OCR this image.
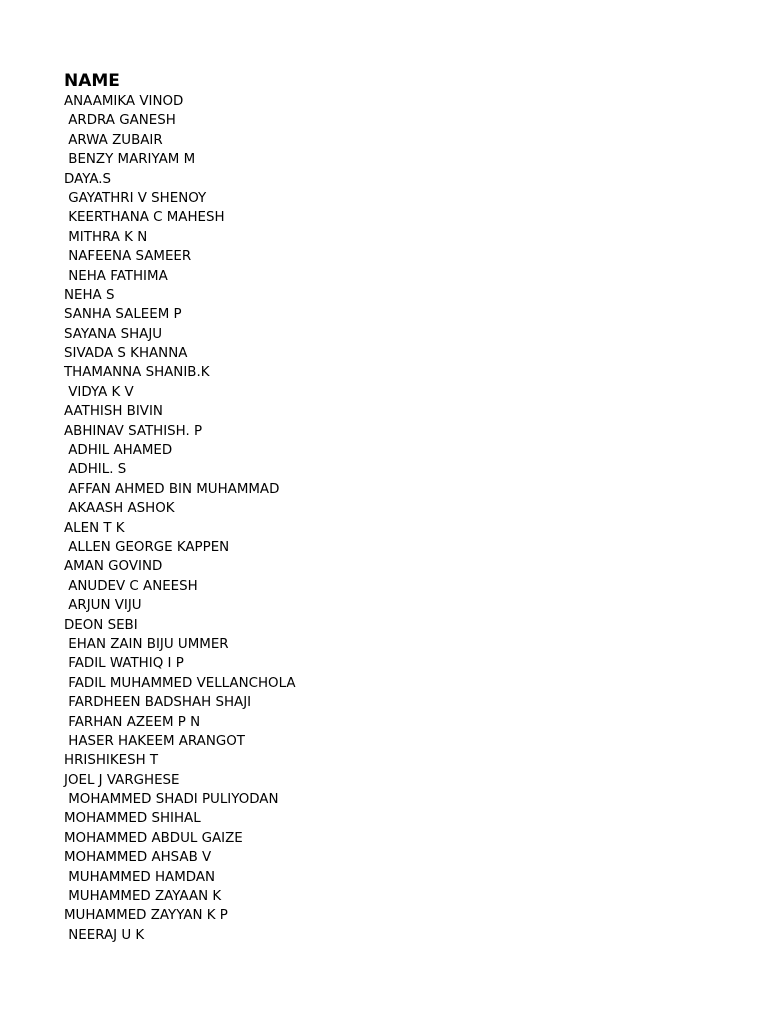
NAME
ANAAMIKA VINOD
ARDRA GANESH
ARWA ZUBAIR
BENZY MARIYAM M
DAYA.S
GAYATHRI V SHENOY
KEERTHANA C MAHESH
MITHRA K N
NAFEENA SAMEER
NEHA FATHIMA
NEHA S
SANHA SALEEM P
SAYANA SHAJU
SIVADA S KHANNA
THAMANNA SHANIB.K
VIDYA K V
AATHISH BIVIN
ABHINAV SATHISH. P
ADHIL AHAMED
ADHIL. S
AFFAN AHMED BIN MUHAMMAD
AKAASH ASHOK
ALEN T K
ALLEN GEORGE KAPPEN
AMAN GOVIND
ANUDEV C ANEESH
ARJUN VIJU
DEON SEBI
EHAN ZAIN BIJU UMMER
FADIL WATHIQ I P
FADIL MUHAMMED VELLANCHOLA
FARDHEEN BADSHAH SHAJI
FARHAN AZEEM P N
HASER HAKEEM ARANGOT
HRISHIKESH T
JOEL J VARGHESE
MOHAMMED SHADI PULIYODAN
MOHAMMED SHIHAL
MOHAMMED ABDUL GAIZE
MOHAMMED AHSAB V
MUHAMMED HAMDAN
MUHAMMED ZAYAAN K
MUHAMMED ZAYYAN K P
NEERAJ U K
